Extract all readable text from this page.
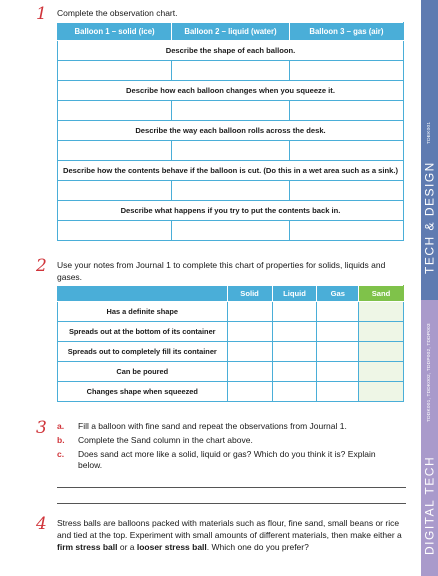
1 Complete the observation chart.
Balloon 1 – solid (ice)	Balloon 2 – liquid (water)	Balloon 3 – gas (air)
Describe the shape of each balloon.		

Describe how each balloon changes when you squeeze it.		

Describe the way each balloon rolls across the desk.		

Describe how the contents behave if the balloon is cut. (Do this in a wet area such as a sink.)		

Describe what happens if you try to put the contents back in.		

2 Use your notes from Journal 1 to complete this chart of properties for solids, liquids and gases.
	Solid	Liquid	Gas	Sand
Has a definite shape				
Spreads out at the bottom of its container				
Spreads out to completely fill its container				
Can be poured				
Changes shape when squeezed				
3 a.	Fill a balloon with fine sand and repeat the observations from Journal 1.
b.	Complete the Sand column in the chart above.
c.	Does sand act more like a solid, liquid or gas? Which do you think it is? Explain below.
4 Stress balls are balloons packed with materials such as flour, fine sand, small beans or rice and tied at the top. Experiment with small amounts of different materials, then make either a firm stress ball or a looser stress ball. Which one do you prefer?
TDEK001
TECH & DESIGN
TDDK001, TDDK002, TDDP002, TDDP003
DIGITAL TECH
